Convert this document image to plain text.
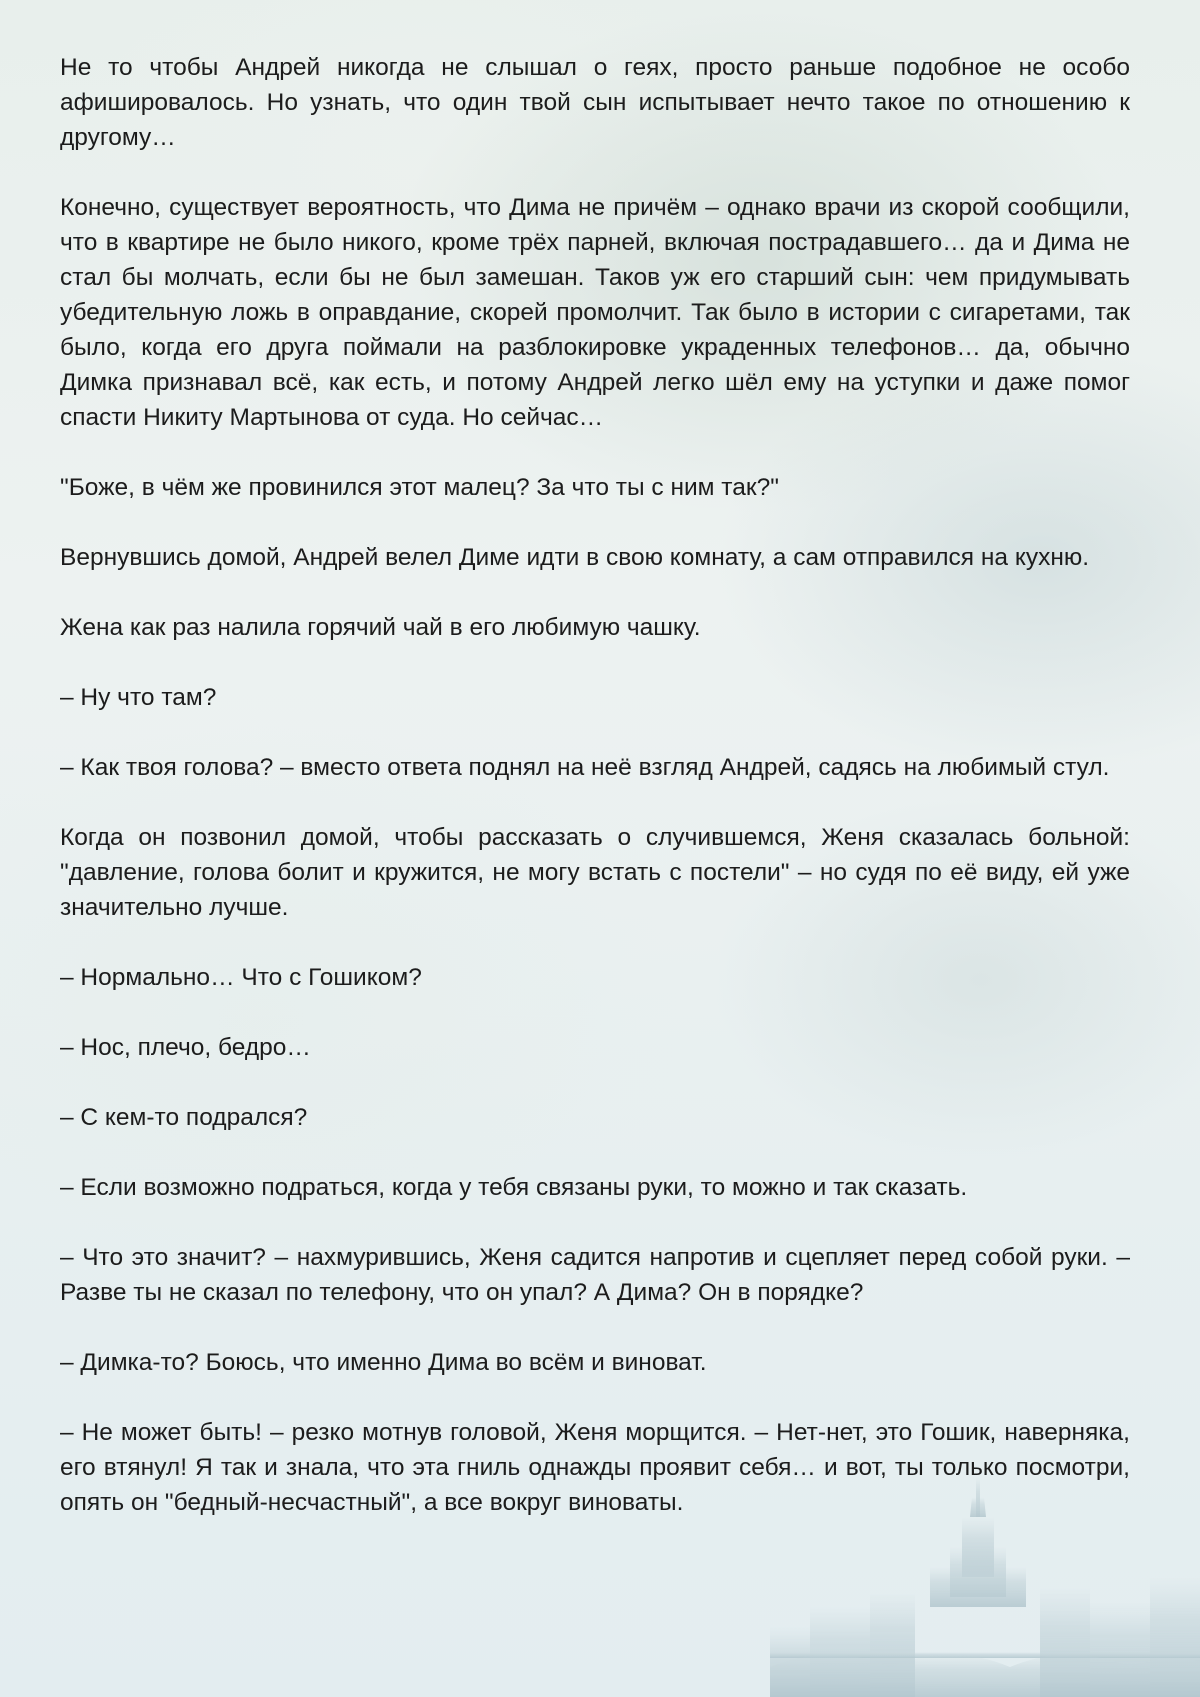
Не то чтобы Андрей никогда не слышал о геях, просто раньше подобное не особо афишировалось. Но узнать, что один твой сын испытывает нечто такое по отношению к другому…

Конечно, существует вероятность, что Дима не причём – однако врачи из скорой сообщили, что в квартире не было никого, кроме трёх парней, включая пострадавшего… да и Дима не стал бы молчать, если бы не был замешан. Таков уж его старший сын: чем придумывать убедительную ложь в оправдание, скорей промолчит. Так было в истории с сигаретами, так было, когда его друга поймали на разблокировке украденных телефонов… да, обычно Димка признавал всё, как есть, и потому Андрей легко шёл ему на уступки и даже помог спасти Никиту Мартынова от суда. Но сейчас…

"Боже, в чём же провинился этот малец? За что ты с ним так?"

Вернувшись домой, Андрей велел Диме идти в свою комнату, а сам отправился на кухню.

Жена как раз налила горячий чай в его любимую чашку.

– Ну что там?

– Как твоя голова? – вместо ответа поднял на неё взгляд Андрей, садясь на любимый стул.

Когда он позвонил домой, чтобы рассказать о случившемся, Женя сказалась больной: "давление, голова болит и кружится, не могу встать с постели" – но судя по её виду, ей уже значительно лучше.

– Нормально… Что с Гошиком?

– Нос, плечо, бедро…

– С кем-то подрался?

– Если возможно подраться, когда у тебя связаны руки, то можно и так сказать.

– Что это значит? – нахмурившись, Женя садится напротив и сцепляет перед собой руки. – Разве ты не сказал по телефону, что он упал? А Дима? Он в порядке?

– Димка-то? Боюсь, что именно Дима во всём и виноват.

– Не может быть! – резко мотнув головой, Женя морщится. – Нет-нет, это Гошик, наверняка, его втянул! Я так и знала, что эта гниль однажды проявит себя… и вот, ты только посмотри, опять он "бедный-несчастный", а все вокруг виноваты.
